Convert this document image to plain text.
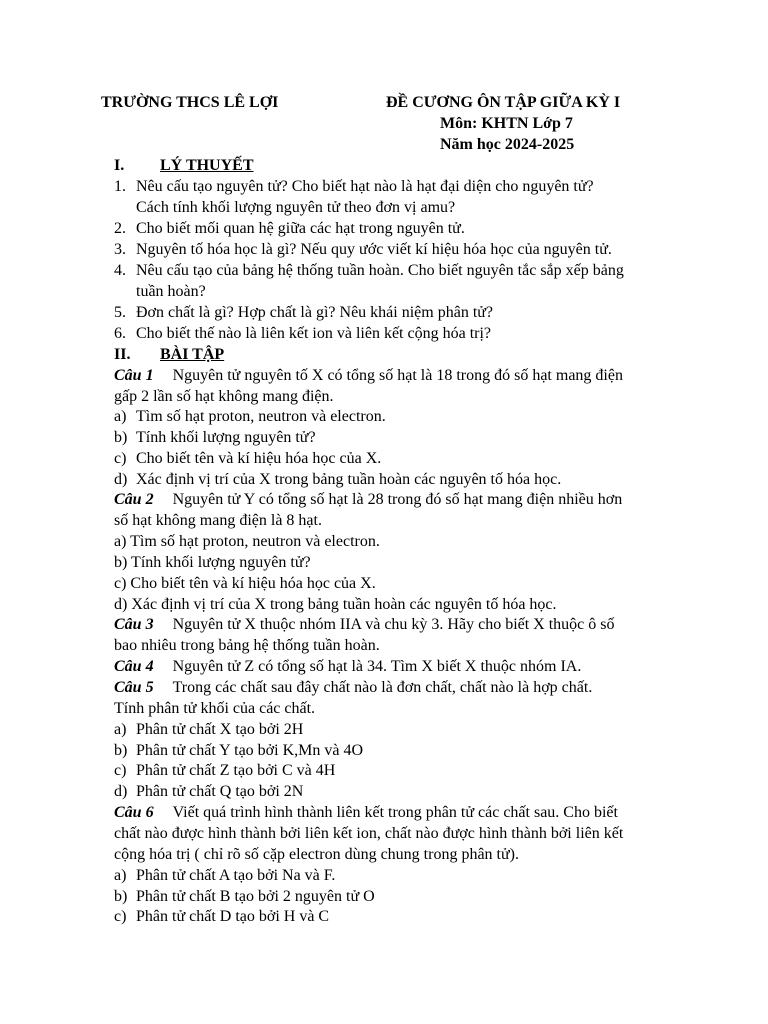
TRƯỜNG THCS LÊ LỢI	ĐỀ CƯƠNG ÔN TẬP GIỮA KỲ I
Môn: KHTN Lớp 7
Năm học 2024-2025
I. LÝ THUYẾT
1. Nêu cấu tạo nguyên tử? Cho biết hạt nào là hạt đại diện cho nguyên tử?
Cách tính khối lượng nguyên tử theo đơn vị amu?
2. Cho biết mối quan hệ giữa các hạt trong nguyên tử.
3. Nguyên tố hóa học là gì? Nếu quy ước viết kí hiệu hóa học của nguyên tử.
4. Nêu cấu tạo của bảng hệ thống tuần hoàn. Cho biết nguyên tắc sắp xếp bảng
tuần hoàn?
5. Đơn chất là gì? Hợp chất là gì? Nêu khái niệm phân tử?
6. Cho biết thế nào là liên kết ion và liên kết cộng hóa trị?
II. BÀI TẬP
Câu 1 Nguyên tử nguyên tố X có tổng số hạt là 18 trong đó số hạt mang điện
gấp 2 lần số hạt không mang điện.
a) Tìm số hạt proton, neutron và electron.
b) Tính khối lượng nguyên tử?
c) Cho biết tên và kí hiệu hóa học của X.
d) Xác định vị trí của X trong bảng tuần hoàn các nguyên tố hóa học.
Câu 2 Nguyên tử Y có tổng số hạt là 28 trong đó số hạt mang điện nhiều hơn
số hạt không mang điện là 8 hạt.
a) Tìm số hạt proton, neutron và electron.
b) Tính khối lượng nguyên tử?
c) Cho biết tên và kí hiệu hóa học của X.
d) Xác định vị trí của X trong bảng tuần hoàn các nguyên tố hóa học.
Câu 3 Nguyên tử X thuộc nhóm IIA và chu kỳ 3. Hãy cho biết X thuộc ô số
bao nhiêu trong bảng hệ thống tuần hoàn.
Câu 4 Nguyên tử Z có tổng số hạt là 34. Tìm X biết X thuộc nhóm IA.
Câu 5 Trong các chất sau đây chất nào là đơn chất, chất nào là hợp chất.
Tính phân tử khối của các chất.
a) Phân tử chất X tạo bởi 2H
b) Phân tử chất Y tạo bởi K,Mn và 4O
c) Phân tử chất Z tạo bởi C và 4H
d) Phân tử chất Q tạo bởi 2N
Câu 6 Viết quá trình hình thành liên kết trong phân tử các chất sau. Cho biết
chất nào được hình thành bởi liên kết ion, chất nào được hình thành bởi liên kết
cộng hóa trị ( chỉ rõ số cặp electron dùng chung trong phân tử).
a) Phân tử chất A tạo bởi Na và F.
b) Phân tử chất B tạo bởi 2 nguyên tử O
c) Phân tử chất D tạo bởi H và C
